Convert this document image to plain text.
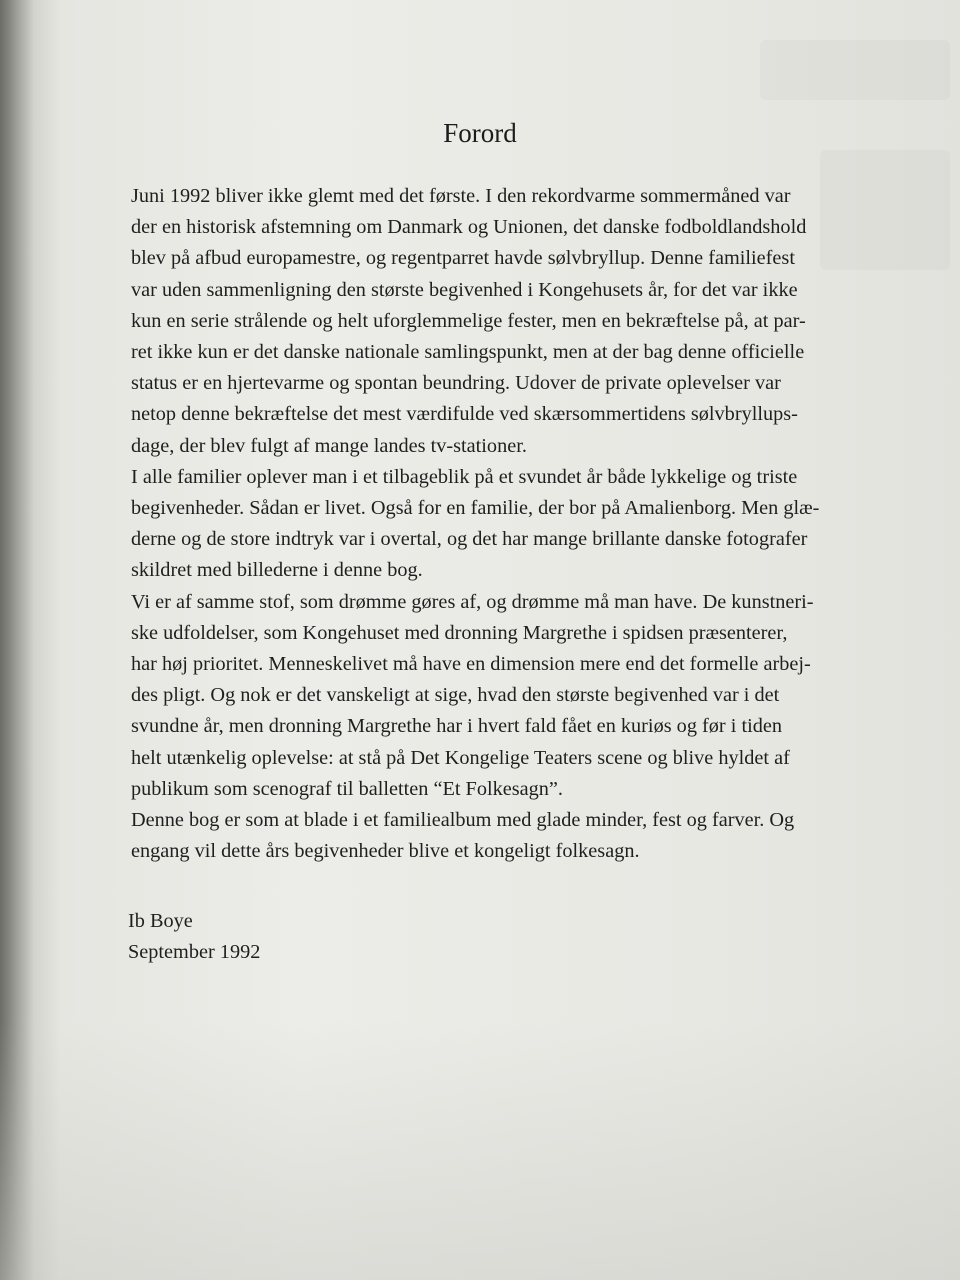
Forord
Juni 1992 bliver ikke glemt med det første. I den rekordvarme sommermåned var
der en historisk afstemning om Danmark og Unionen, det danske fodboldlandshold
blev på afbud europamestre, og regentparret havde sølvbryllup. Denne familiefest
var uden sammenligning den største begivenhed i Kongehusets år, for det var ikke
kun en serie strålende og helt uforglemmelige fester, men en bekræftelse på, at par-
ret ikke kun er det danske nationale samlingspunkt, men at der bag denne officielle
status er en hjertevarme og spontan beundring. Udover de private oplevelser var
netop denne bekræftelse det mest værdifulde ved skærsommertidens sølvbryllups-
dage, der blev fulgt af mange landes tv-stationer.
I alle familier oplever man i et tilbageblik på et svundet år både lykkelige og triste
begivenheder. Sådan er livet. Også for en familie, der bor på Amalienborg. Men glæ-
derne og de store indtryk var i overtal, og det har mange brillante danske fotografer
skildret med billederne i denne bog.
Vi er af samme stof, som drømme gøres af, og drømme må man have. De kunstneri-
ske udfoldelser, som Kongehuset med dronning Margrethe i spidsen præsenterer,
har høj prioritet. Menneskelivet må have en dimension mere end det formelle arbej-
des pligt. Og nok er det vanskeligt at sige, hvad den største begivenhed var i det
svundne år, men dronning Margrethe har i hvert fald fået en kuriøs og før i tiden
helt utænkelig oplevelse: at stå på Det Kongelige Teaters scene og blive hyldet af
publikum som scenograf til balletten “Et Folkesagn”.
Denne bog er som at blade i et familiealbum med glade minder, fest og farver. Og
engang vil dette års begivenheder blive et kongeligt folkesagn.
Ib Boye
September 1992
